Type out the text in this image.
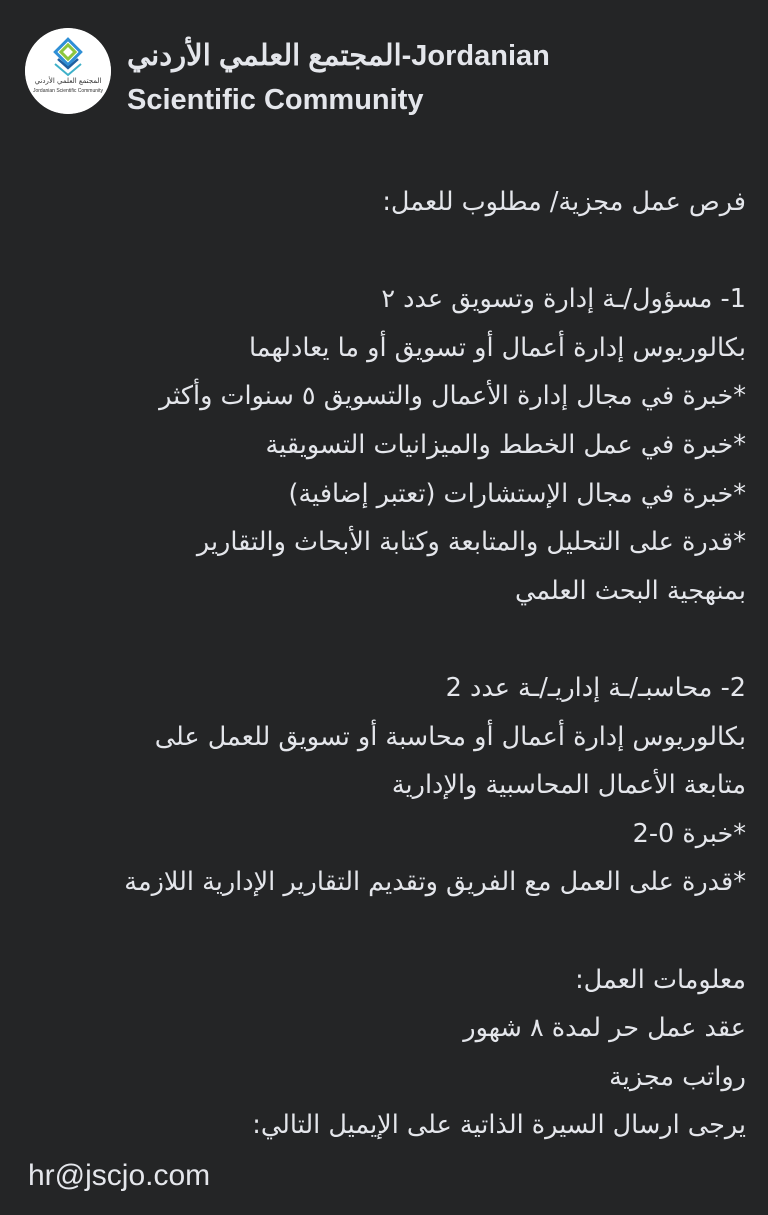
المجتمع العلمي الأردني
Jordanian Scientific Community
المجتمع العلمي الأردني-Jordanian
Scientific Community
فرص عمل مجزية/ مطلوب للعمل:
1- مسؤول/ـة إدارة وتسويق عدد ٢
بكالوريوس إدارة أعمال أو تسويق أو ما يعادلهما
*خبرة في مجال إدارة الأعمال والتسويق ٥ سنوات وأكثر
*خبرة في عمل الخطط والميزانيات التسويقية
*خبرة في مجال الإستشارات (تعتبر إضافية)
*قدرة على التحليل والمتابعة وكتابة الأبحاث والتقارير
بمنهجية البحث العلمي
2- محاسبـ/ـة إداريـ/ـة عدد 2
بكالوريوس إدارة أعمال أو محاسبة أو تسويق للعمل على
متابعة الأعمال المحاسبية والإدارية
*خبرة 0-2
*قدرة على العمل مع الفريق وتقديم التقارير الإدارية اللازمة
معلومات العمل:
عقد عمل حر لمدة ٨ شهور
رواتب مجزية
يرجى ارسال السيرة الذاتية على الإيميل التالي:
hr@jscjo.com
